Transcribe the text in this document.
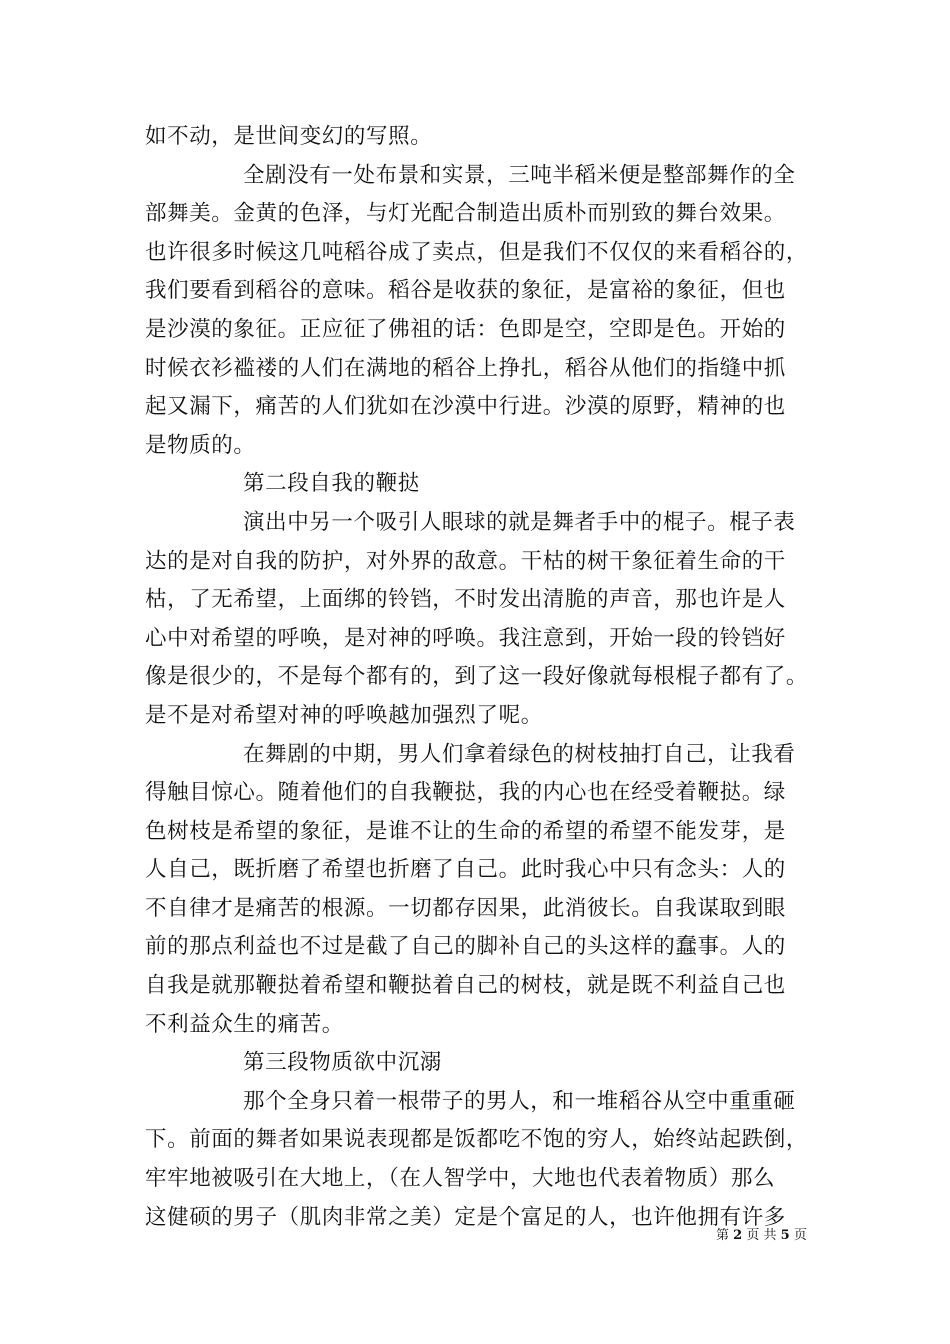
如不动，是世间变幻的写照。
全剧没有一处布景和实景，三吨半稻米便是整部舞作的全
部舞美。金黄的色泽，与灯光配合制造出质朴而别致的舞台效果。
也许很多时候这几吨稻谷成了卖点，但是我们不仅仅的来看稻谷的，
我们要看到稻谷的意味。稻谷是收获的象征，是富裕的象征，但也
是沙漠的象征。正应征了佛祖的话：色即是空，空即是色。开始的
时候衣衫褴褛的人们在满地的稻谷上挣扎，稻谷从他们的指缝中抓
起又漏下，痛苦的人们犹如在沙漠中行进。沙漠的原野，精神的也
是物质的。
第二段自我的鞭挞
演出中另一个吸引人眼球的就是舞者手中的棍子。棍子表
达的是对自我的防护，对外界的敌意。干枯的树干象征着生命的干
枯，了无希望，上面绑的铃铛，不时发出清脆的声音，那也许是人
心中对希望的呼唤，是对神的呼唤。我注意到，开始一段的铃铛好
像是很少的，不是每个都有的，到了这一段好像就每根棍子都有了。
是不是对希望对神的呼唤越加强烈了呢。
在舞剧的中期，男人们拿着绿色的树枝抽打自己，让我看
得触目惊心。随着他们的自我鞭挞，我的内心也在经受着鞭挞。绿
色树枝是希望的象征，是谁不让的生命的希望的希望不能发芽，是
人自己，既折磨了希望也折磨了自己。此时我心中只有念头：人的
不自律才是痛苦的根源。一切都存因果，此消彼长。自我谋取到眼
前的那点利益也不过是截了自己的脚补自己的头这样的蠢事。人的
自我是就那鞭挞着希望和鞭挞着自己的树枝，就是既不利益自己也
不利益众生的痛苦。
第三段物质欲中沉溺
那个全身只着一根带子的男人，和一堆稻谷从空中重重砸
下。前面的舞者如果说表现都是饭都吃不饱的穷人，始终站起跌倒，
牢牢地被吸引在大地上，（在人智学中，大地也代表着物质）那么
这健硕的男子（肌肉非常之美）定是个富足的人，也许他拥有许多
第 2 页 共 5 页
